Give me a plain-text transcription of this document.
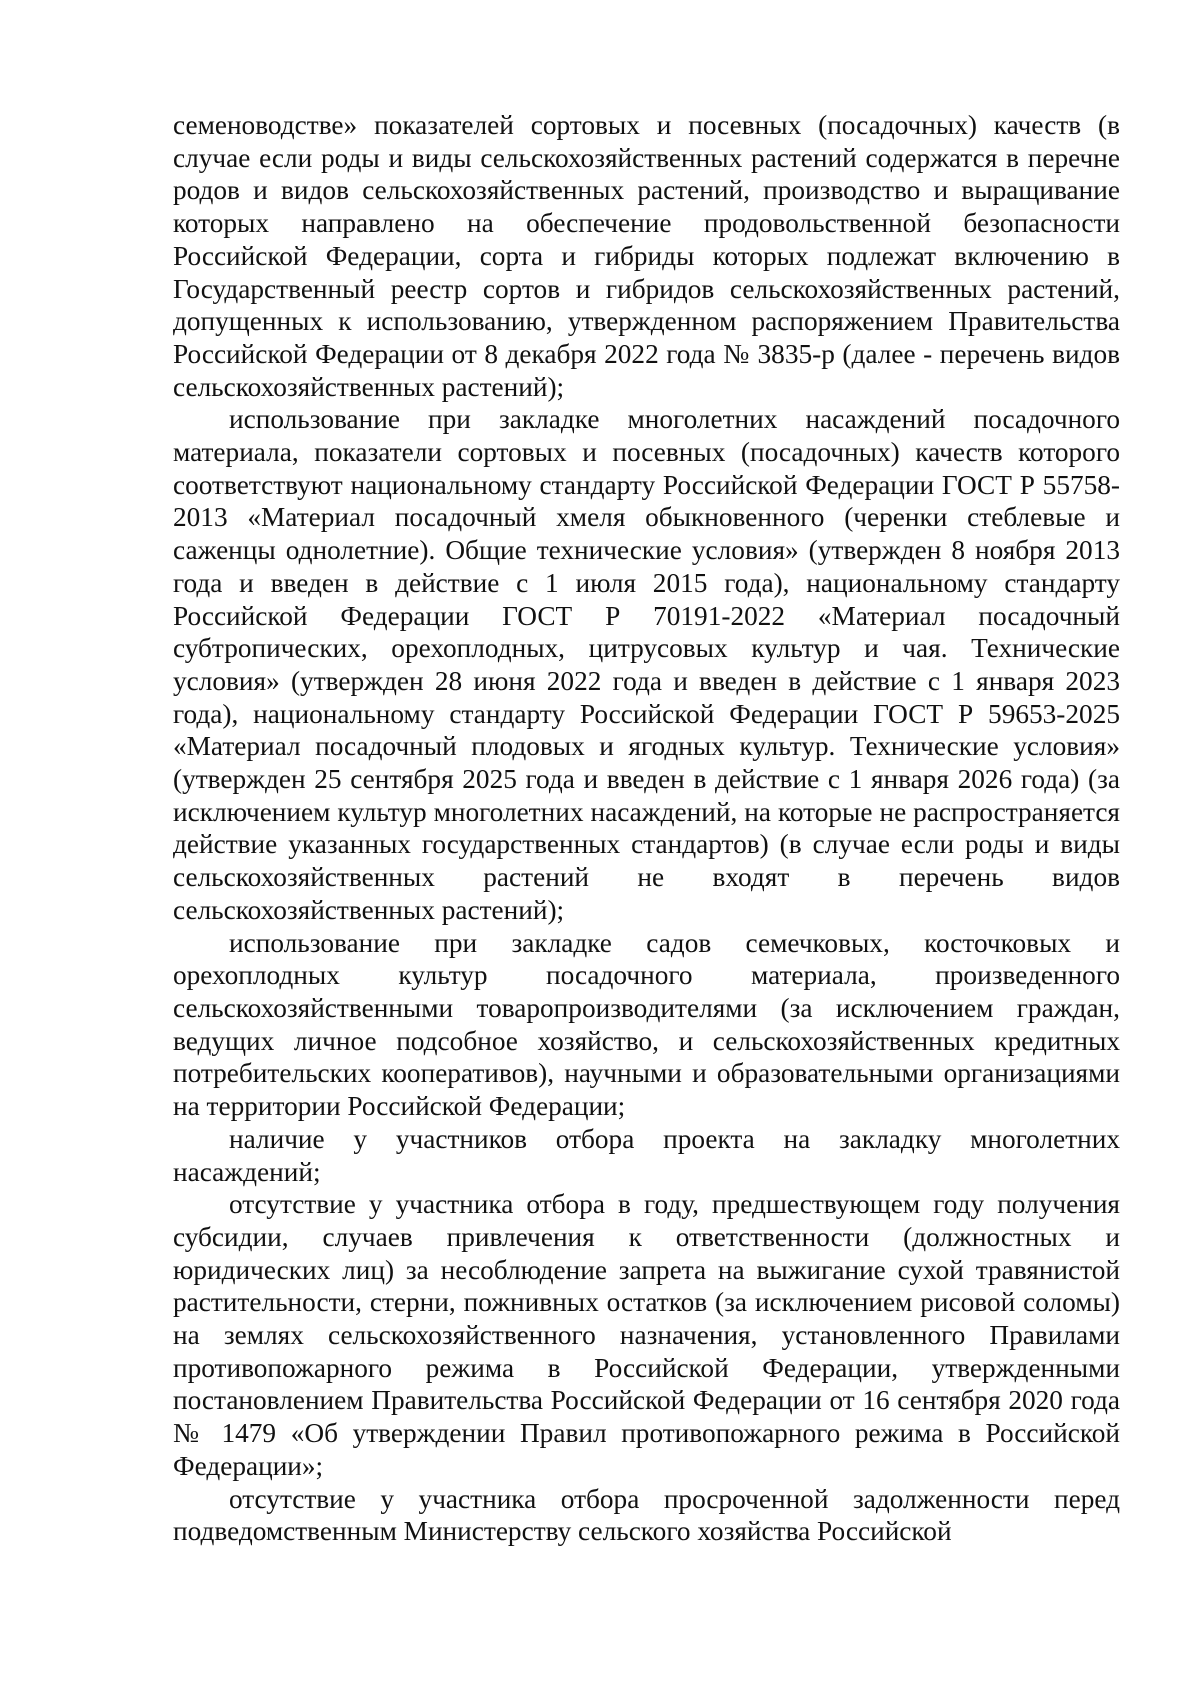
семеноводстве» показателей сортовых и посевных (посадочных) качеств (в случае если роды и виды сельскохозяйственных растений содержатся в перечне родов и видов сельскохозяйственных растений, производство и выращивание которых направлено на обеспечение продовольственной безопасности Российской Федерации, сорта и гибриды которых подлежат включению в Государственный реестр сортов и гибридов сельскохозяйственных растений, допущенных к использованию, утвержденном распоряжением Правительства Российской Федерации от 8 декабря 2022 года № 3835-р (далее - перечень видов сельскохозяйственных растений);

использование при закладке многолетних насаждений посадочного материала, показатели сортовых и посевных (посадочных) качеств которого соответствуют национальному стандарту Российской Федерации ГОСТ Р 55758-2013 «Материал посадочный хмеля обыкновенного (черенки стеблевые и саженцы однолетние). Общие технические условия» (утвержден 8 ноября 2013 года и введен в действие с 1 июля 2015 года), национальному стандарту Российской Федерации ГОСТ Р 70191-2022 «Материал посадочный субтропических, орехоплодных, цитрусовых культур и чая. Технические условия» (утвержден 28 июня 2022 года и введен в действие с 1 января 2023 года), национальному стандарту Российской Федерации ГОСТ Р 59653-2025 «Материал посадочный плодовых и ягодных культур. Технические условия» (утвержден 25 сентября 2025 года и введен в действие с 1 января 2026 года) (за исключением культур многолетних насаждений, на которые не распространяется действие указанных государственных стандартов) (в случае если роды и виды сельскохозяйственных растений не входят в перечень видов сельскохозяйственных растений);

использование при закладке садов семечковых, косточковых и орехоплодных культур посадочного материала, произведенного сельскохозяйственными товаропроизводителями (за исключением граждан, ведущих личное подсобное хозяйство, и сельскохозяйственных кредитных потребительских кооперативов), научными и образовательными организациями на территории Российской Федерации;

наличие у участников отбора проекта на закладку многолетних насаждений;

отсутствие у участника отбора в году, предшествующем году получения субсидии, случаев привлечения к ответственности (должностных и юридических лиц) за несоблюдение запрета на выжигание сухой травянистой растительности, стерни, пожнивных остатков (за исключением рисовой соломы) на землях сельскохозяйственного назначения, установленного Правилами противопожарного режима в Российской Федерации, утвержденными постановлением Правительства Российской Федерации от 16 сентября 2020 года № 1479 «Об утверждении Правил противопожарного режима в Российской Федерации»;

отсутствие у участника отбора просроченной задолженности перед подведомственным Министерству сельского хозяйства Российской
